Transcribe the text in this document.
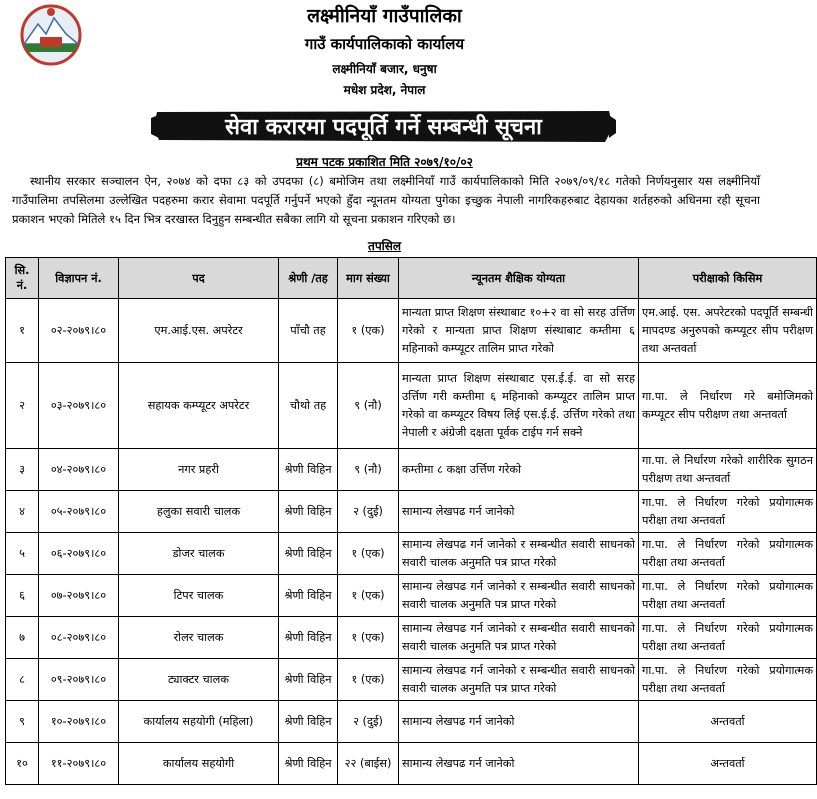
लक्ष्मीनियाँ गाउँपालिका
गाउँ कार्यपालिकाको कार्यालय
लक्ष्मीनियाँ बजार, धनुषा
मधेश प्रदेश, नेपाल
सेवा करारमा पदपूर्ति गर्ने सम्बन्धी सूचना
प्रथम पटक प्रकाशित मिति २०७९/१०/०२
स्थानीय सरकार सञ्चालन ऐन, २०७४ को दफा ८३ को उपदफा (८) बमोजिम तथा लक्ष्मीनियाँ गाउँ कार्यपालिकाको मिति २०७९/०९/१८ गतेको निर्णयनुसार यस लक्ष्मीनियाँ गाउँपालिमा तपसिलमा उल्लेखित पदहरुमा करार सेवामा पदपूर्ति गर्नुपर्ने भएको हुँदा न्यूनतम योग्यता पुगेका इच्छुक नेपाली नागरिकहरुबाट देहायका शर्तहरुको अधिनमा रही सूचना प्रकाशन भएको मितिले १५ दिन भित्र दरखास्त दिनुहुन सम्बन्धीत सबैका लागि यो सूचना प्रकाशन गरिएको छ।
तपसिल
सि. नं.	विज्ञापन नं.	पद	श्रेणी /तह	माग संख्या	न्यूनतम शैक्षिक योग्यता	परीक्षाको किसिम
१	०२-२०७९।८०	एम.आई.एस. अपरेटर	पाँचौ तह	१ (एक)	मान्यता प्राप्त शिक्षण संस्थाबाट १०+२ वा सो सरह उर्त्तिण गरेको र मान्यता प्राप्त शिक्षण संस्थाबाट कम्तीमा ६ महिनाको कम्प्यूटर तालिम प्राप्त गरेको	एम.आई. एस. अपरेटरको पदपूर्ति सम्बन्धी मापदण्ड अनुरुपको कम्प्यूटर सीप परीक्षण तथा अन्तवर्ता
२	०३-२०७९।८०	सहायक कम्प्यूटर अपरेटर	चौथो तह	९ (नौ)	मान्यता प्राप्त शिक्षण संस्थाबाट एस.ई.ई. वा सो सरह उर्त्तिण गरी कम्तीमा ६ महिनाको कम्प्यूटर तालिम प्राप्त गरेको वा कम्प्यूटर विषय लिई एस.ई.ई. उर्त्तिण गरेको तथा नेपाली र अंग्रेजी दक्षता पूर्वक टाईप गर्न सक्ने	गा.पा. ले निर्धारण गरे बमोजिमको कम्प्यूटर सीप परीक्षण तथा अन्तवर्ता
३	०४-२०७९।८०	नगर प्रहरी	श्रेणी विहिन	९ (नौ)	कम्तीमा ८ कक्षा उर्त्तिण गरेको	गा.पा. ले निर्धारण गरेको शारीरिक सुगठन परीक्षण तथा अन्तवर्ता
४	०५-२०७९।८०	हलुका सवारी चालक	श्रेणी विहिन	२ (दुई)	सामान्य लेखपढ गर्न जानेको	गा.पा. ले निर्धारण गरेको प्रयोगात्मक परीक्षा तथा अन्तवर्ता
५	०६-२०७९।८०	डोजर चालक	श्रेणी विहिन	१ (एक)	सामान्य लेखपढ गर्न जानेको र सम्बन्धीत सवारी साधनको सवारी चालक अनुमति पत्र प्राप्त गरेको	गा.पा. ले निर्धारण गरेको प्रयोगात्मक परीक्षा तथा अन्तवर्ता
६	०७-२०७९।८०	टिपर चालक	श्रेणी विहिन	१ (एक)	सामान्य लेखपढ गर्न जानेको र सम्बन्धीत सवारी साधनको सवारी चालक अनुमति पत्र प्राप्त गरेको	गा.पा. ले निर्धारण गरेको प्रयोगात्मक परीक्षा तथा अन्तवर्ता
७	०८-२०७९।८०	रोलर चालक	श्रेणी विहिन	१ (एक)	सामान्य लेखपढ गर्न जानेको र सम्बन्धीत सवारी साधनको सवारी चालक अनुमति पत्र प्राप्त गरेको	गा.पा. ले निर्धारण गरेको प्रयोगात्मक परीक्षा तथा अन्तवर्ता
८	०९-२०७९।८०	ट्याक्टर चालक	श्रेणी विहिन	१ (एक)	सामान्य लेखपढ गर्न जानेको र सम्बन्धीत सवारी साधनको सवारी चालक अनुमति पत्र प्राप्त गरेको	गा.पा. ले निर्धारण गरेको प्रयोगात्मक परीक्षा तथा अन्तवर्ता
९	१०-२०७९।८०	कार्यालय सहयोगी (महिला)	श्रेणी विहिन	२ (दुई)	सामान्य लेखपढ गर्न जानेको	अन्तवर्ता
१०	११-२०७९।८०	कार्यालय सहयोगी	श्रेणी विहिन	२२ (बाईस)	सामान्य लेखपढ गर्न जानेको	अन्तवर्ता
